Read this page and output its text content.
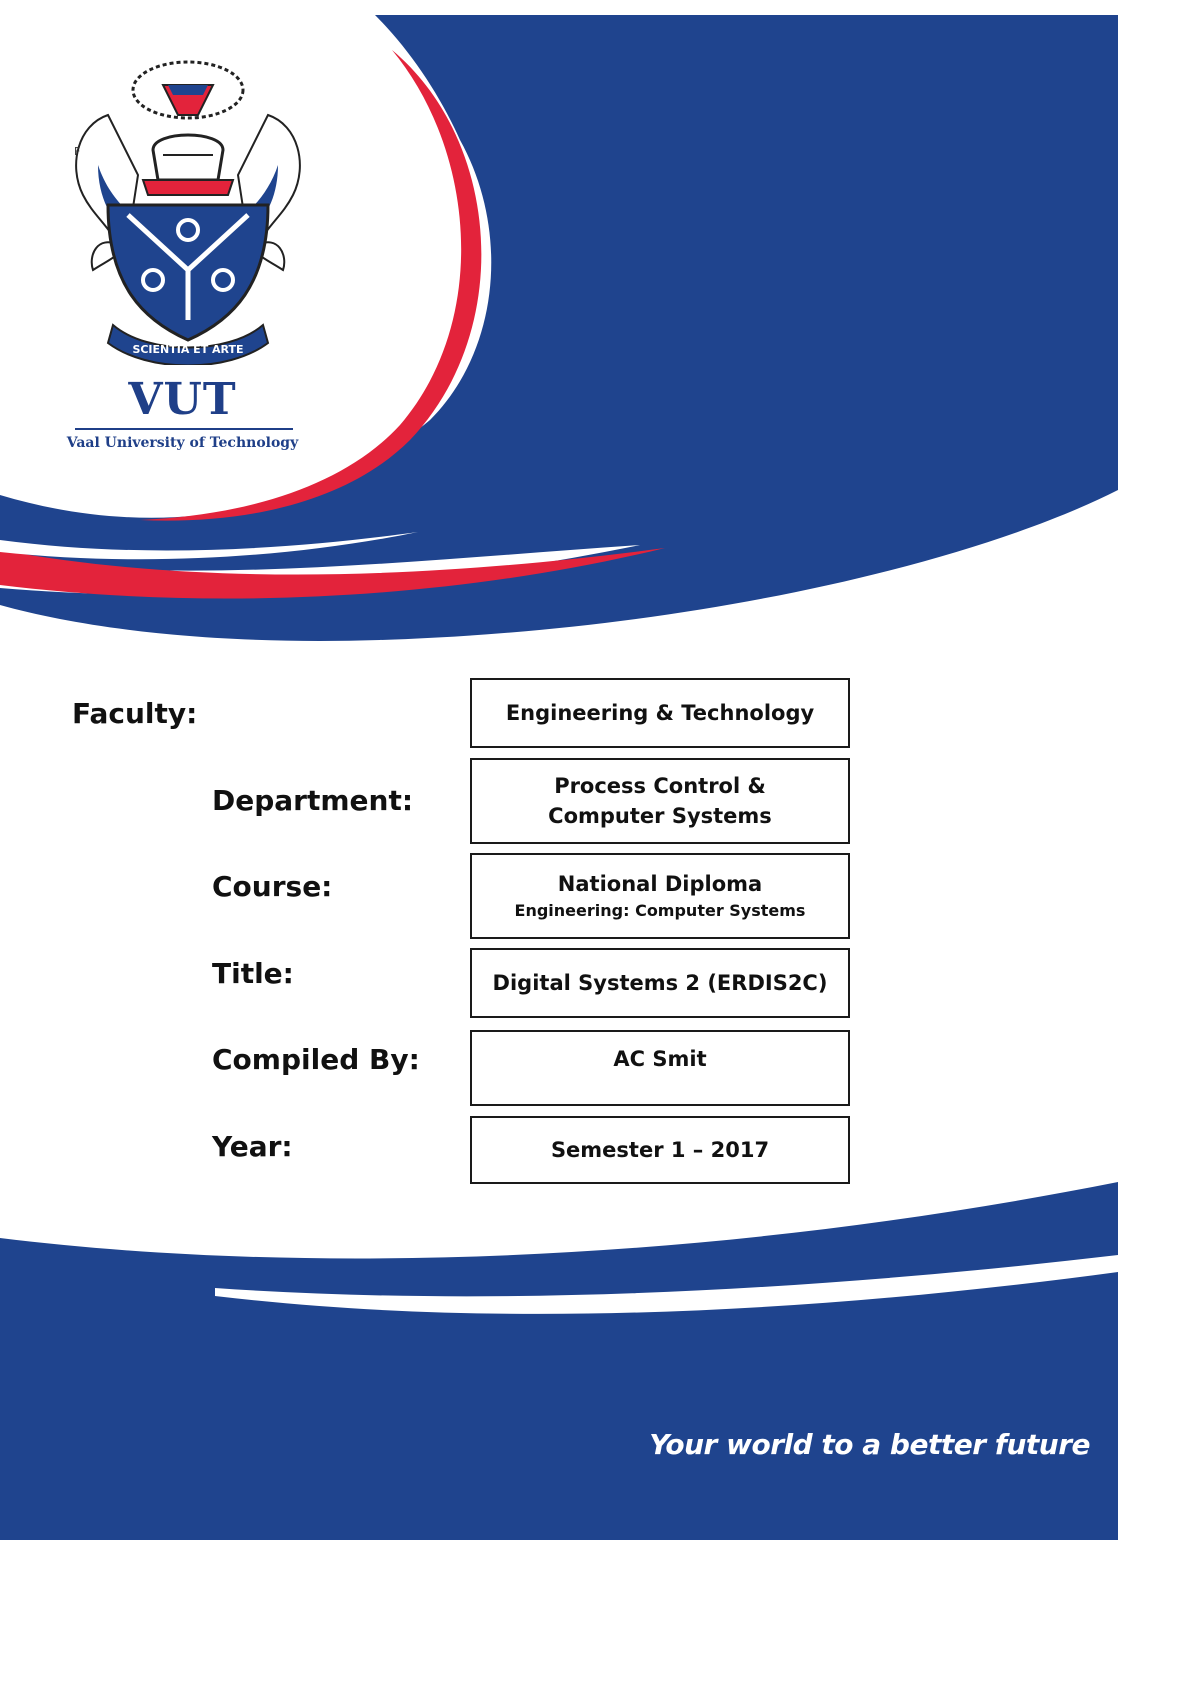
SCIENTIA ET ARTE
F
VUT
Vaal University of Technology
Faculty:
Department:
Course:
Title:
Compiled By:
Year:
Engineering & Technology
Process Control &
Computer Systems
National Diploma
Engineering: Computer Systems
Digital Systems 2 (ERDIS2C)
AC Smit
Semester 1 – 2017
Your world to a better future
